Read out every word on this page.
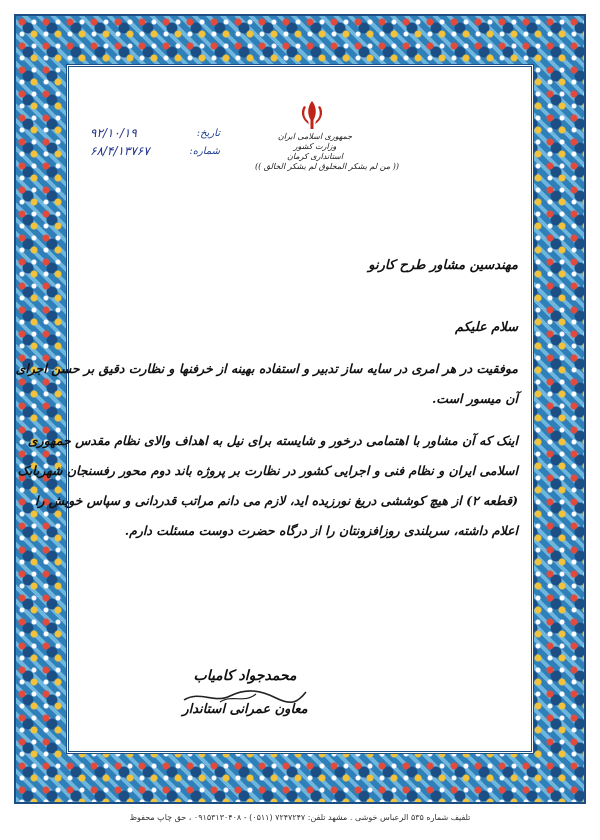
جمهوری اسلامی ایران
وزارت کشور
استانداری کرمان
(( من لم یشکر المخلوق لم یشکر الخالق ))
تاریخ:
۹۲/۱۰/۱۹
شماره:
۶۸/۴/۱۳۷۶۷
مهندسین مشاور طرح کارنو
سلام علیکم
موفقیت در هر امری در سایه ساز تدبیر و استفاده بهینه از خرفنها و نظارت دقیق بر حسن اجرای
آن میسور است.
اینک که آن مشاور با اهتمامی درخور و شایسته برای نیل به اهداف والای نظام مقدس جمهوری
اسلامی ایران و نظام فنی و اجرایی کشور در نظارت بر پروژه باند دوم محور رفسنجان شهربابک
(قطعه ۲) از هیچ کوششی دریغ نورزیده اید، لازم می دانم مراتب قدردانی و سپاس خویش را
اعلام داشته، سربلندی روزافزونتان را از درگاه حضرت دوست مسئلت دارم.
محمدجواد کامیاب
معاون عمرانی استاندار
تلفیف شماره ۵۳۵ الرعباس خوشی . مشهد تلفن: ۷۲۴۷۲۴۷ (۰۵۱۱) - ۰۹۱۵۳۱۳۰۴۰۸ ، حق چاپ محفوظ
